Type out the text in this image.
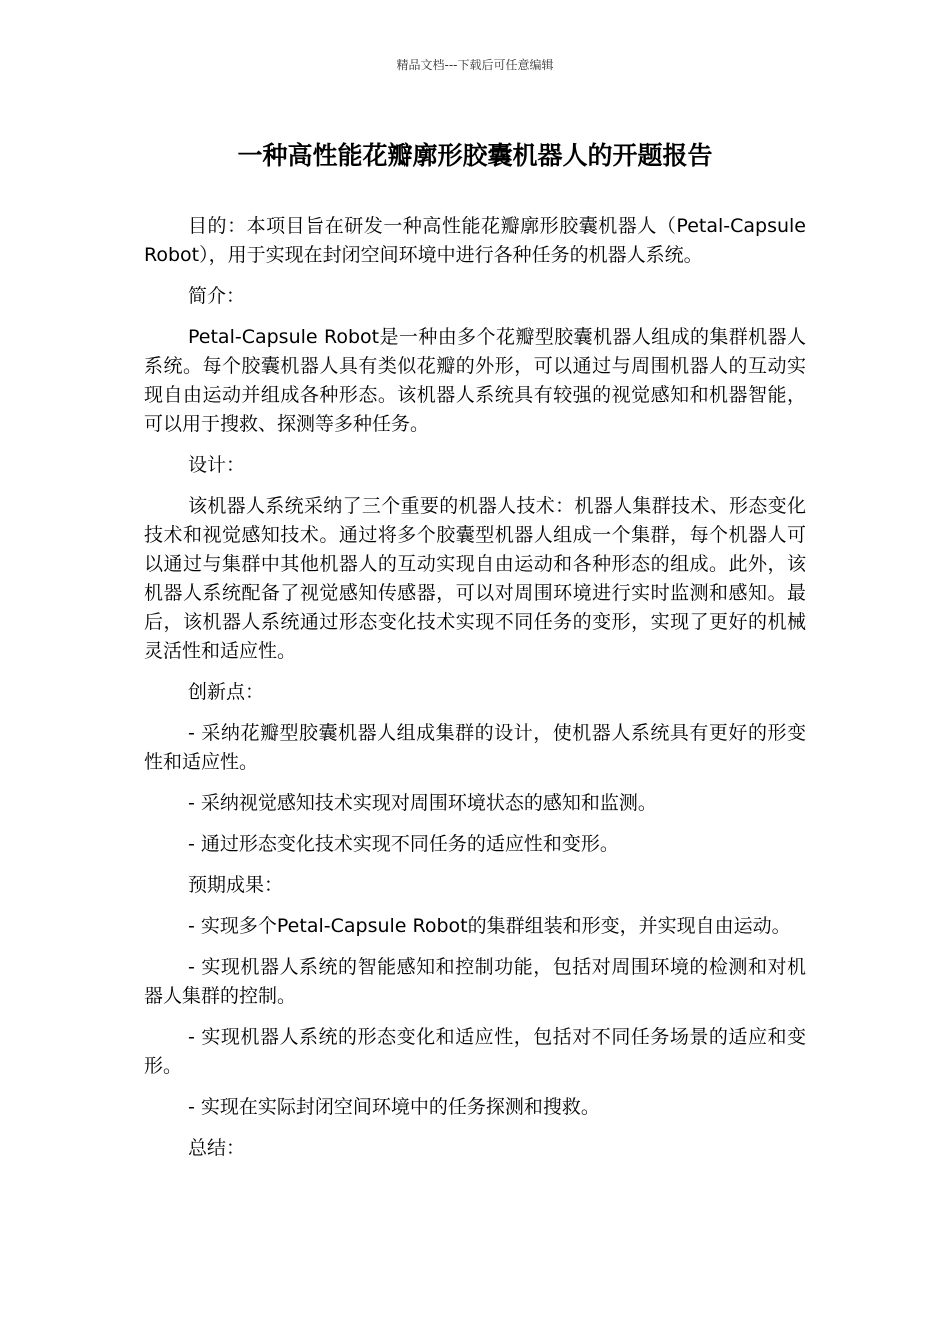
精品文档---下载后可任意编辑
一种高性能花瓣廓形胶囊机器人的开题报告

目的：本项目旨在研发一种高性能花瓣廓形胶囊机器人（Petal-Capsule Robot），用于实现在封闭空间环境中进行各种任务的机器人系统。

简介：

Petal-Capsule Robot是一种由多个花瓣型胶囊机器人组成的集群机器人系统。每个胶囊机器人具有类似花瓣的外形，可以通过与周围机器人的互动实现自由运动并组成各种形态。该机器人系统具有较强的视觉感知和机器智能，可以用于搜救、探测等多种任务。

设计：

该机器人系统采纳了三个重要的机器人技术：机器人集群技术、形态变化技术和视觉感知技术。通过将多个胶囊型机器人组成一个集群，每个机器人可以通过与集群中其他机器人的互动实现自由运动和各种形态的组成。此外，该机器人系统配备了视觉感知传感器，可以对周围环境进行实时监测和感知。最后，该机器人系统通过形态变化技术实现不同任务的变形，实现了更好的机械灵活性和适应性。

创新点：

- 采纳花瓣型胶囊机器人组成集群的设计，使机器人系统具有更好的形变性和适应性。

- 采纳视觉感知技术实现对周围环境状态的感知和监测。

- 通过形态变化技术实现不同任务的适应性和变形。

预期成果：

- 实现多个Petal-Capsule Robot的集群组装和形变，并实现自由运动。

- 实现机器人系统的智能感知和控制功能，包括对周围环境的检测和对机器人集群的控制。

- 实现机器人系统的形态变化和适应性，包括对不同任务场景的适应和变形。

- 实现在实际封闭空间环境中的任务探测和搜救。

总结：
